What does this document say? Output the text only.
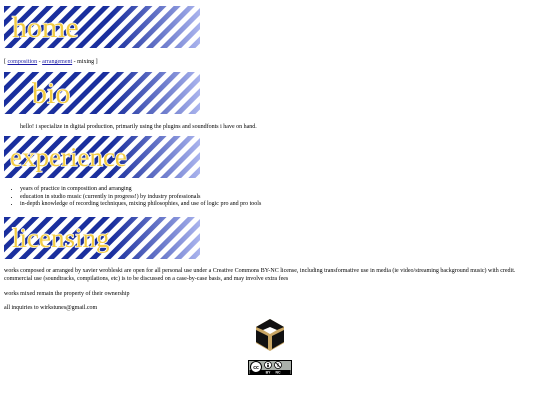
home
[ composition - arrangement - mixing ]
bio
hello! i specialize in digital production, primarily using the plugins and soundfonts i have on hand.
experience
• years of practice in composition and arranging
• education in studio music (currently in progress!) by industry professionals
• in-depth knowledge of recording techniques, mixing philosophies, and use of logic pro and pro tools
licensing

works composed or arranged by xavier wrobleski are open for all personal use under a Creative Commons BY-NC license, including transformative use in media (ie video/streaming background music) with credit. commercial use (soundtracks, compilations, etc) is to be discussed on a case-by-case basis, and may involve extra fees

works mixed remain the property of their ownership

all inquiries to wirkstunes@gmail.com

cc
BY NC
